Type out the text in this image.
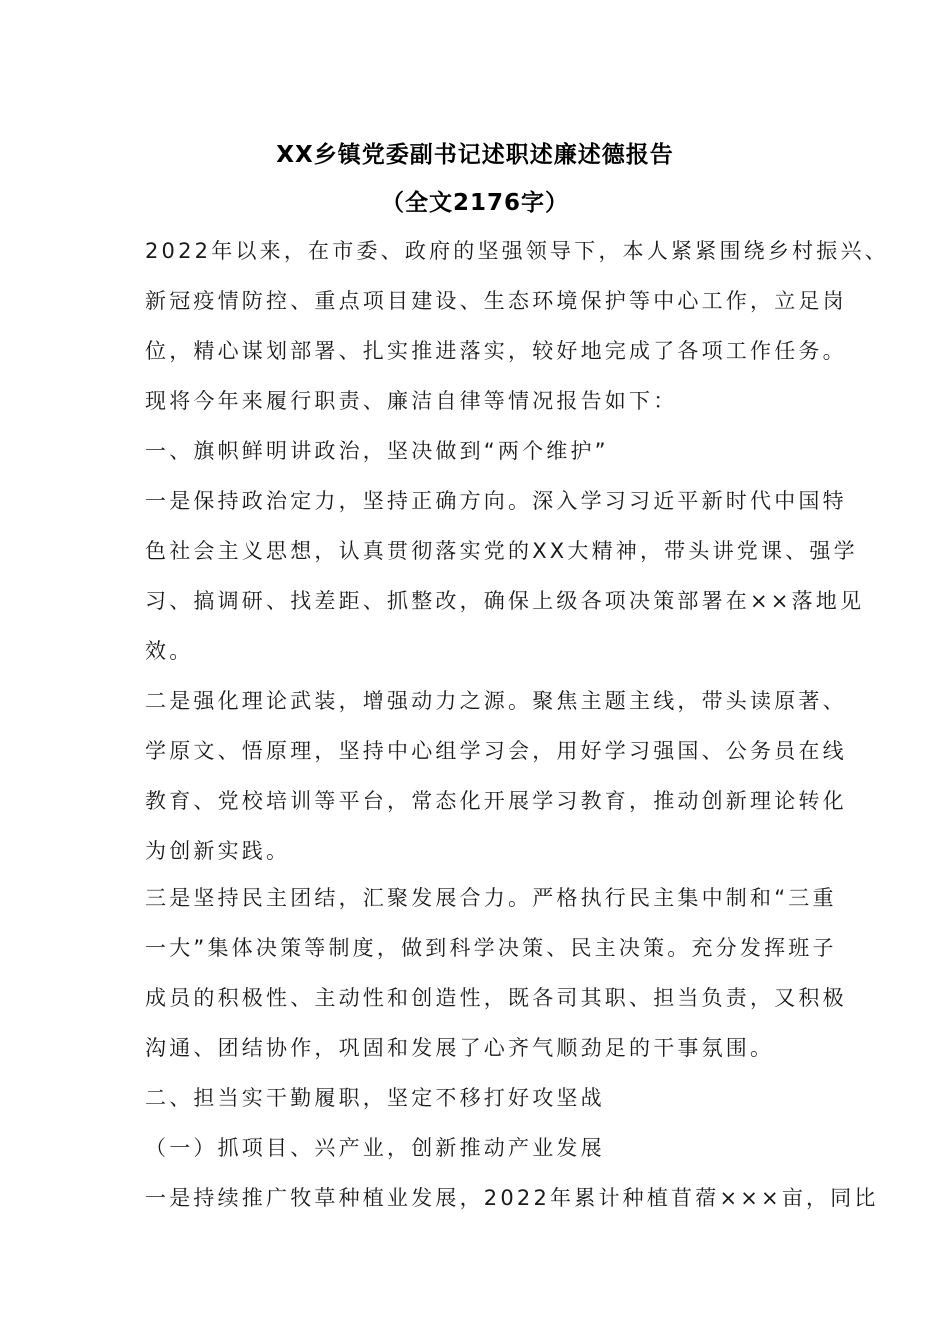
XX乡镇党委副书记述职述廉述德报告
（全文2176字）
2022年以来，在市委、政府的坚强领导下，本人紧紧围绕乡村振兴、
新冠疫情防控、重点项目建设、生态环境保护等中心工作，立足岗
位，精心谋划部署、扎实推进落实，较好地完成了各项工作任务。
现将今年来履行职责、廉洁自律等情况报告如下：
一、旗帜鲜明讲政治，坚决做到“两个维护”
一是保持政治定力，坚持正确方向。深入学习习近平新时代中国特
色社会主义思想，认真贯彻落实党的XX大精神，带头讲党课、强学
习、搞调研、找差距、抓整改，确保上级各项决策部署在××落地见
效。
二是强化理论武装，增强动力之源。聚焦主题主线，带头读原著、
学原文、悟原理，坚持中心组学习会，用好学习强国、公务员在线
教育、党校培训等平台，常态化开展学习教育，推动创新理论转化
为创新实践。
三是坚持民主团结，汇聚发展合力。严格执行民主集中制和“三重
一大”集体决策等制度，做到科学决策、民主决策。充分发挥班子
成员的积极性、主动性和创造性，既各司其职、担当负责，又积极
沟通、团结协作，巩固和发展了心齐气顺劲足的干事氛围。
二、担当实干勤履职，坚定不移打好攻坚战
（一）抓项目、兴产业，创新推动产业发展
一是持续推广牧草种植业发展，2022年累计种植苜蓿×××亩，同比
